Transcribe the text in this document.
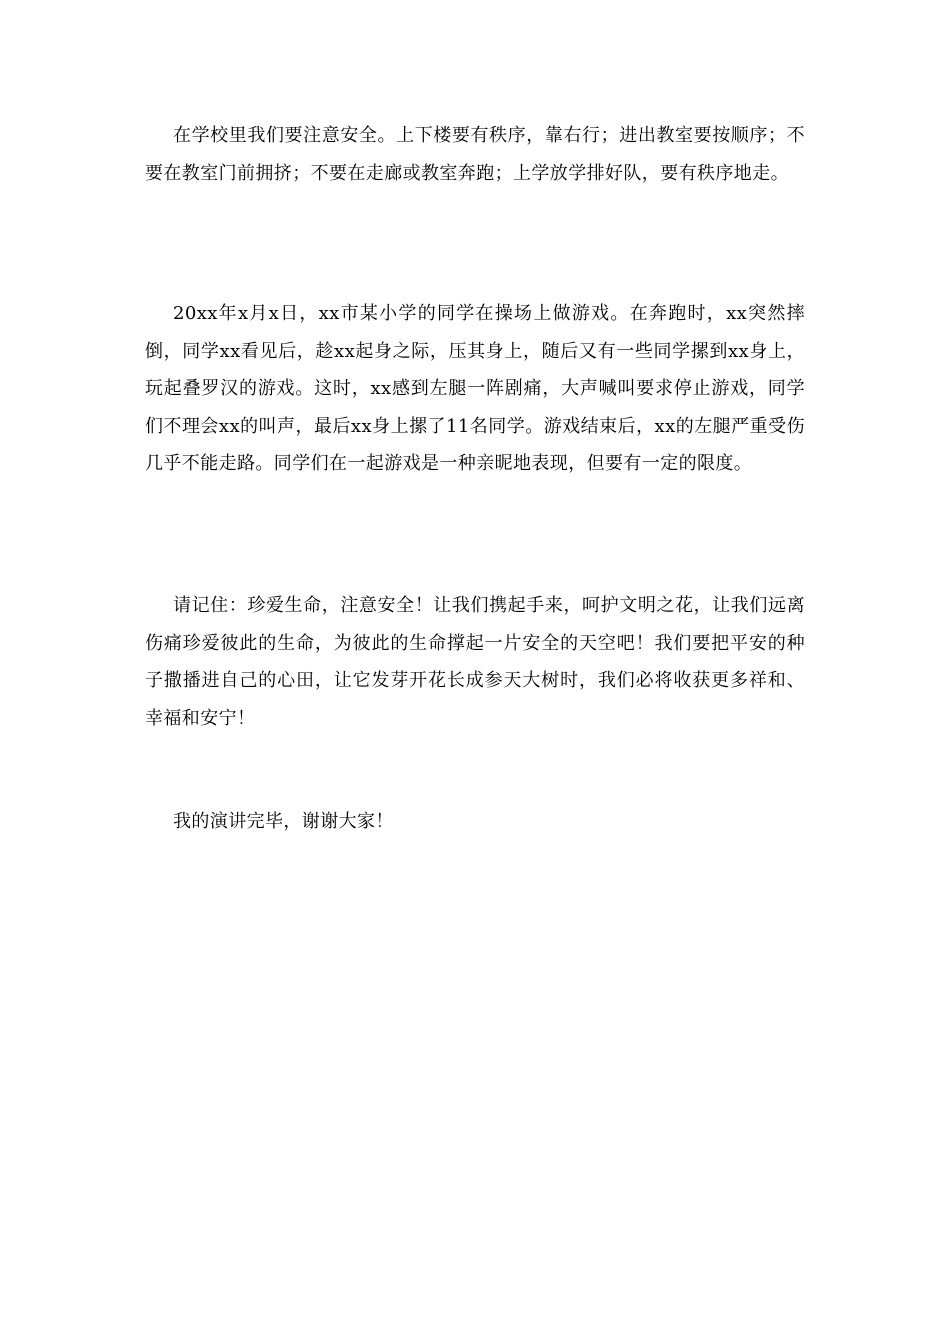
在学校里我们要注意安全。上下楼要有秩序，靠右行；进出教室要按顺序；不要在教室门前拥挤；不要在走廊或教室奔跑；上学放学排好队，要有秩序地走。

20xx年x月x日，xx市某小学的同学在操场上做游戏。在奔跑时，xx突然摔倒，同学xx看见后，趁xx起身之际，压其身上，随后又有一些同学摞到xx身上，玩起叠罗汉的游戏。这时，xx感到左腿一阵剧痛，大声喊叫要求停止游戏，同学们不理会xx的叫声，最后xx身上摞了11名同学。游戏结束后，xx的左腿严重受伤几乎不能走路。同学们在一起游戏是一种亲昵地表现，但要有一定的限度。

请记住：珍爱生命，注意安全！让我们携起手来，呵护文明之花，让我们远离伤痛珍爱彼此的生命，为彼此的生命撑起一片安全的天空吧！我们要把平安的种子撒播进自己的心田，让它发芽开花长成参天大树时，我们必将收获更多祥和、幸福和安宁！

我的演讲完毕，谢谢大家！
